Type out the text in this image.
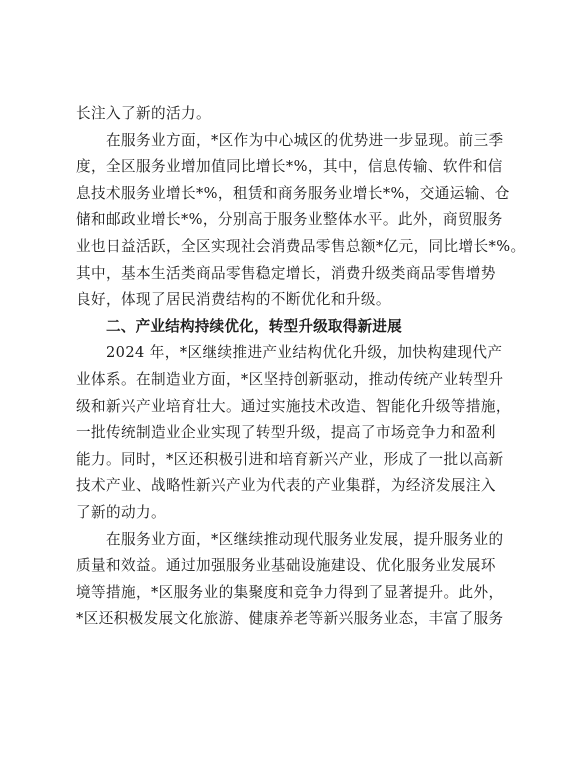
长注入了新的活力。
在服务业方面，*区作为中心城区的优势进一步显现。前三季
度，全区服务业增加值同比增长*%，其中，信息传输、软件和信
息技术服务业增长*%，租赁和商务服务业增长*%，交通运输、仓
储和邮政业增长*%，分别高于服务业整体水平。此外，商贸服务
业也日益活跃，全区实现社会消费品零售总额*亿元，同比增长*%。
其中，基本生活类商品零售稳定增长，消费升级类商品零售增势
良好，体现了居民消费结构的不断优化和升级。
二、产业结构持续优化，转型升级取得新进展
2024 年，*区继续推进产业结构优化升级，加快构建现代产
业体系。在制造业方面，*区坚持创新驱动，推动传统产业转型升
级和新兴产业培育壮大。通过实施技术改造、智能化升级等措施，
一批传统制造业企业实现了转型升级，提高了市场竞争力和盈利
能力。同时，*区还积极引进和培育新兴产业，形成了一批以高新
技术产业、战略性新兴产业为代表的产业集群，为经济发展注入
了新的动力。
在服务业方面，*区继续推动现代服务业发展，提升服务业的
质量和效益。通过加强服务业基础设施建设、优化服务业发展环
境等措施，*区服务业的集聚度和竞争力得到了显著提升。此外，
*区还积极发展文化旅游、健康养老等新兴服务业态，丰富了服务
